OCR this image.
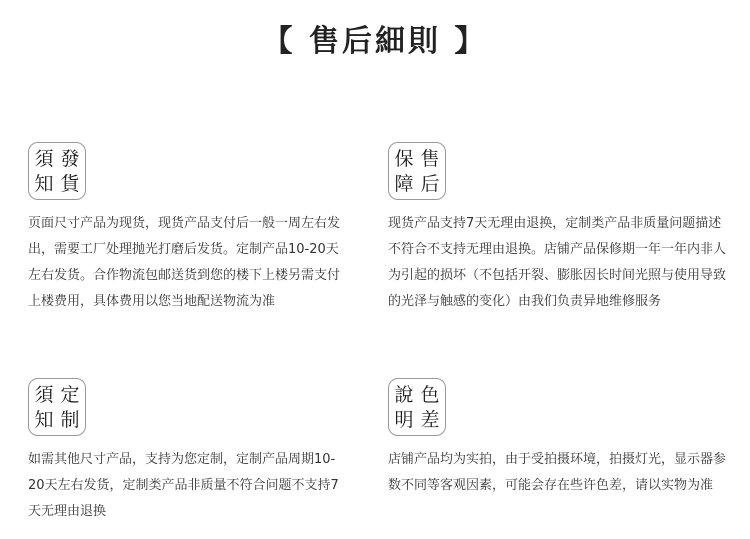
【 售后細則 】
須 發
知 貨
页面尺寸产品为现货，现货产品支付后一般一周左右发出，需要工厂处理抛光打磨后发货。定制产品10-20天左右发货。合作物流包邮送货到您的楼下上楼另需支付上楼费用，具体费用以您当地配送物流为准
保 售
障 后
现货产品支持7天无理由退换，定制类产品非质量问题描述不符合不支持无理由退换。店铺产品保修期一年一年内非人为引起的损坏（不包括开裂、膨胀因长时间光照与使用导致的光泽与触感的变化）由我们负责异地维修服务
須 定
知 制
如需其他尺寸产品，支持为您定制，定制产品周期10-20天左右发货，定制类产品非质量不符合问题不支持7天无理由退换
說 色
明 差
店铺产品均为实拍，由于受拍摄环境，拍摄灯光，显示器参数不同等客观因素，可能会存在些许色差，请以实物为准
